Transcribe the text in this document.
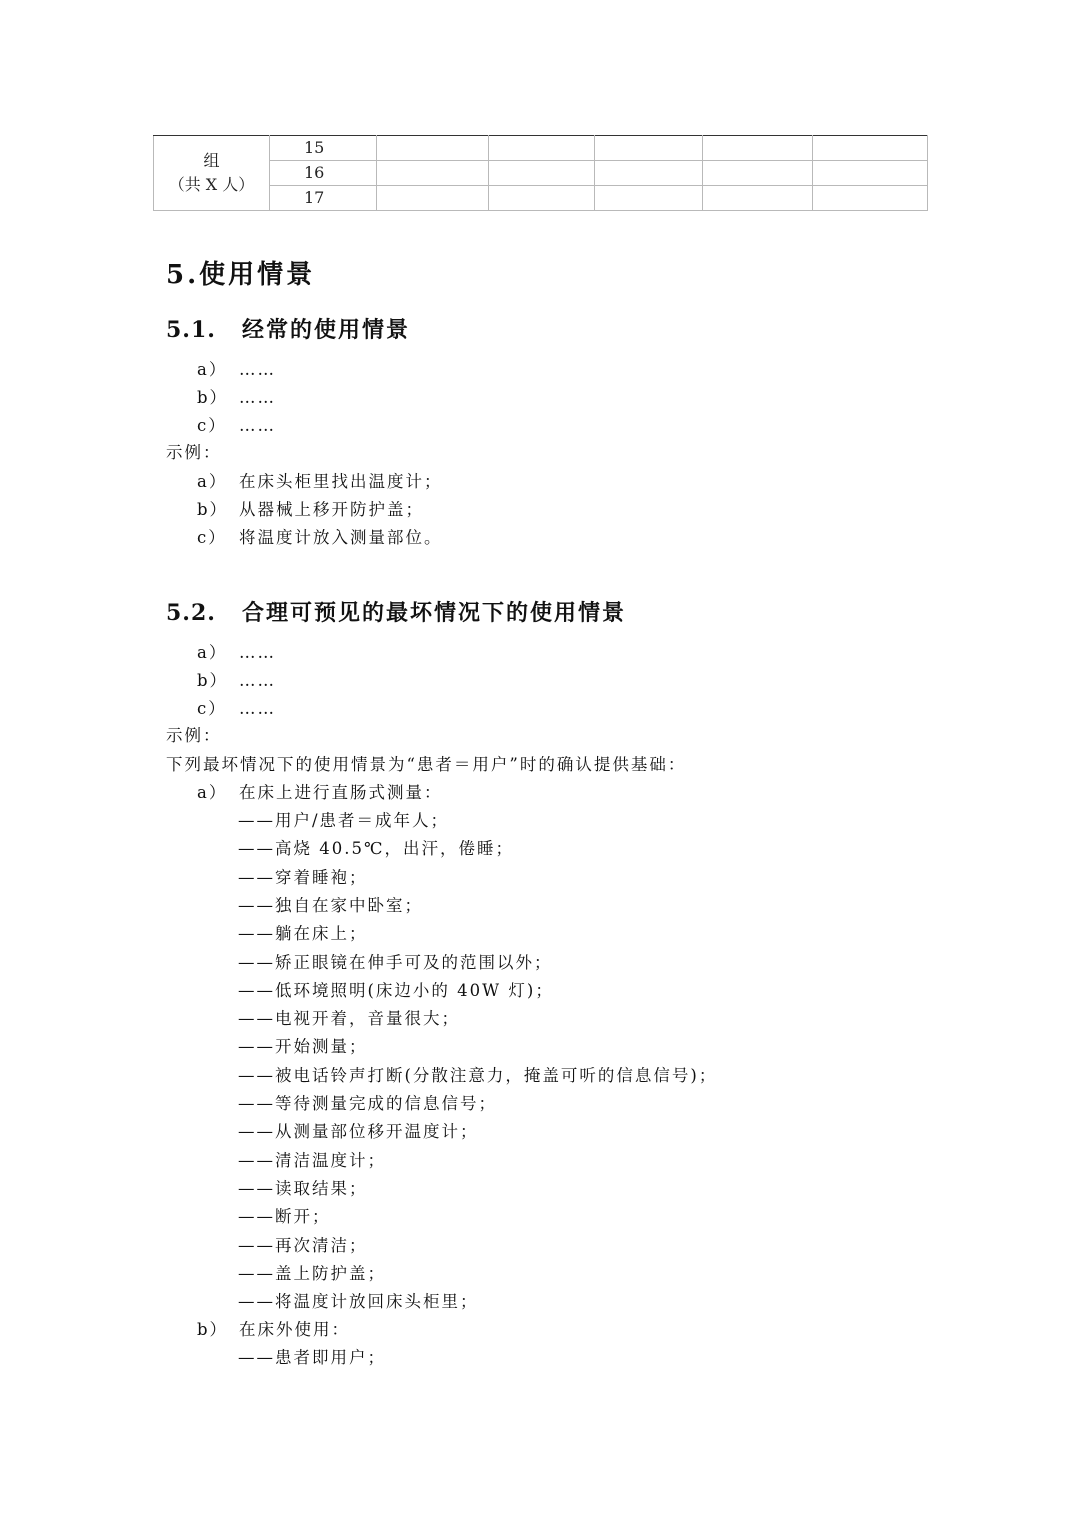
组
（共 X 人）	15					
	16					
	17					
5.使用情景
5.1. 经常的使用情景
a） ……
b） ……
c） ……
示例：
a） 在床头柜里找出温度计；
b） 从器械上移开防护盖；
c） 将温度计放入测量部位。
5.2. 合理可预见的最坏情况下的使用情景
a） ……
b） ……
c） ……
示例：
下列最坏情况下的使用情景为“患者＝用户”时的确认提供基础：
a） 在床上进行直肠式测量：
——用户/患者＝成年人；
——高烧 40.5℃，出汗，倦睡；
——穿着睡袍；
——独自在家中卧室；
——躺在床上；
——矫正眼镜在伸手可及的范围以外；
——低环境照明(床边小的 40W 灯)；
——电视开着，音量很大；
——开始测量；
——被电话铃声打断(分散注意力，掩盖可听的信息信号)；
——等待测量完成的信息信号；
——从测量部位移开温度计；
——清洁温度计；
——读取结果；
——断开；
——再次清洁；
——盖上防护盖；
——将温度计放回床头柜里；
b） 在床外使用：
——患者即用户；
